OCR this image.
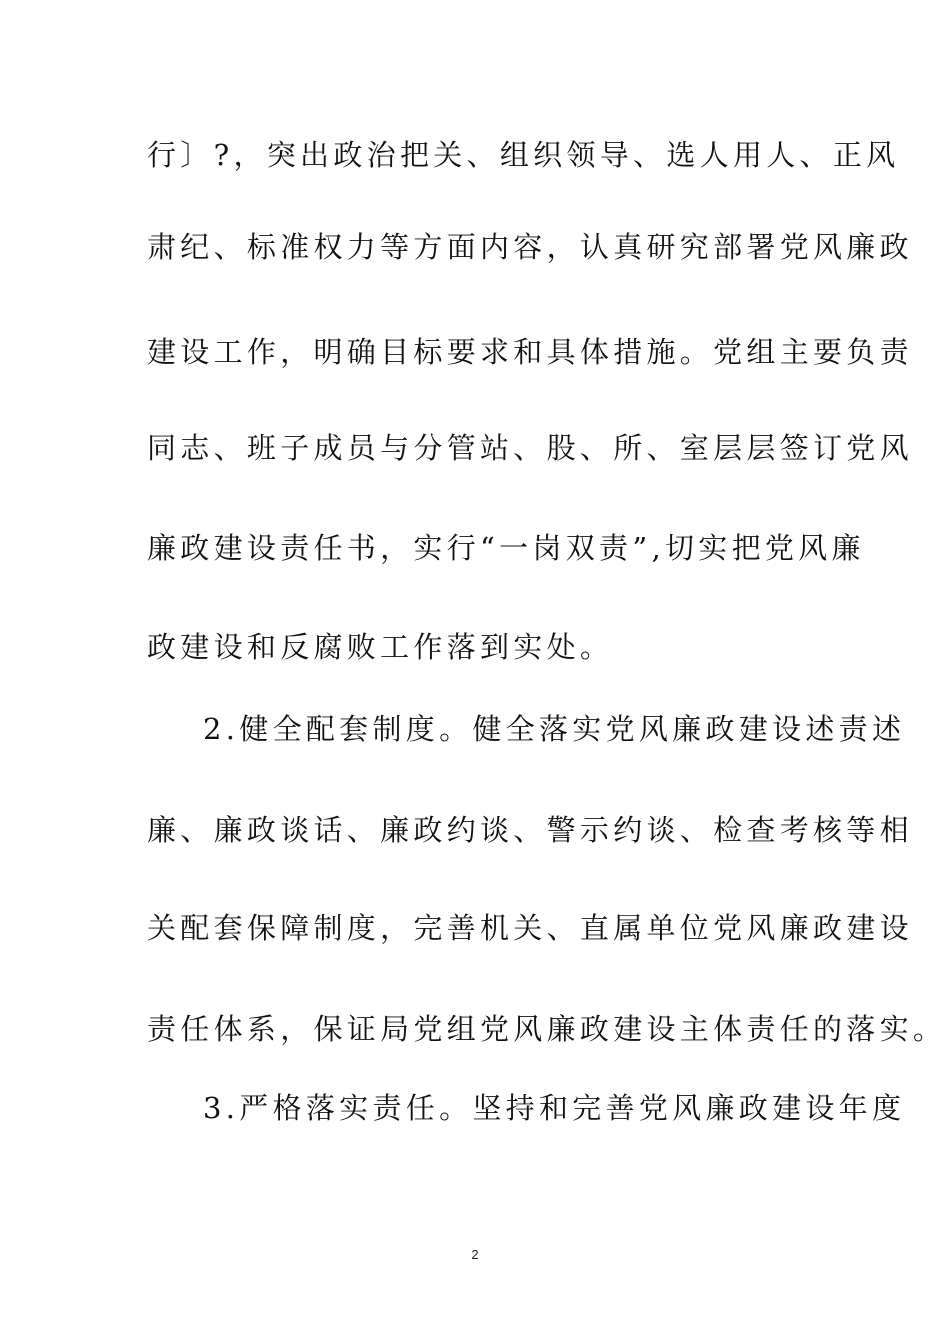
行〕?，突出政治把关、组织领导、选人用人、正风
肃纪、标准权力等方面内容，认真研究部署党风廉政
建设工作，明确目标要求和具体措施。党组主要负责
同志、班子成员与分管站、股、所、室层层签订党风
廉政建设责任书，实行“一岗双责”,切实把党风廉
政建设和反腐败工作落到实处。
2.健全配套制度。健全落实党风廉政建设述责述
廉、廉政谈话、廉政约谈、警示约谈、检查考核等相
关配套保障制度，完善机关、直属单位党风廉政建设
责任体系，保证局党组党风廉政建设主体责任的落实。
3.严格落实责任。坚持和完善党风廉政建设年度
2
